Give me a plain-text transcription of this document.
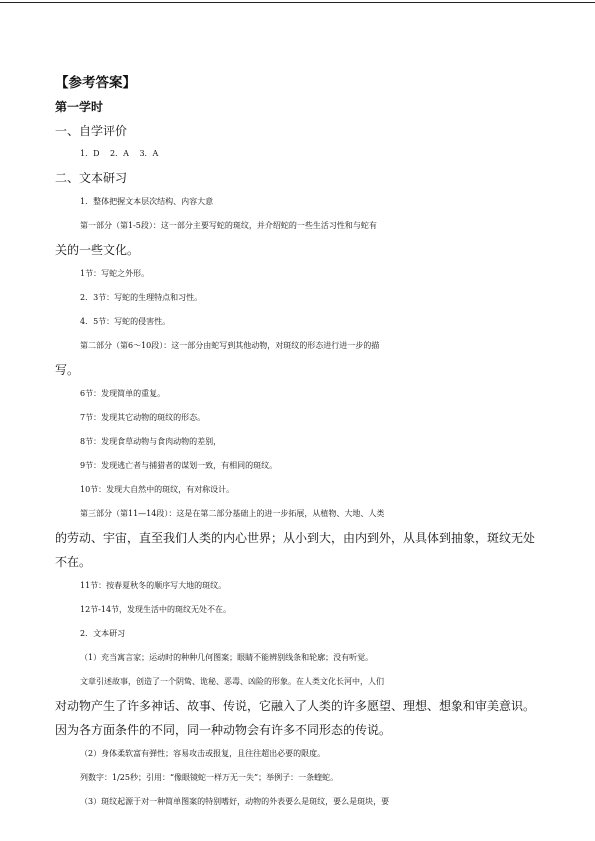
【参考答案】
第一学时
一、自学评价
1．D　 2．A　 3．A
二、文本研习
1．整体把握文本层次结构、内容大意
第一部分（第1-5段）：这一部分主要写蛇的斑纹，并介绍蛇的一些生活习性和与蛇有
关的一些文化。
1节：写蛇之外形。
2．3节：写蛇的生理特点和习性。
4．5节：写蛇的侵害性。
第二部分（第6～10段）：这一部分由蛇写到其他动物，对斑纹的形态进行进一步的描
写。
6节：发现简单的重复。
7节：发现其它动物的斑纹的形态。
8节：发现食草动物与食肉动物的差别，
9节：发现逃亡者与捕猎者的谋划一致，有相同的斑纹。
10节：发现大自然中的斑纹，有对称设计。
第三部分（第11—14段）：这是在第二部分基础上的进一步拓展，从植物、大地、人类
的劳动、宇宙，直至我们人类的内心世界；从小到大，由内到外，从具体到抽象，斑纹无处
不在。
11节：按春夏秋冬的顺序写大地的斑纹。
12节-14节，发现生活中的斑纹无处不在。
2．文本研习
（1）充当寓言家；运动时的种种几何图案；眼睛不能辨别线条和轮廓；没有听觉。
文章引述故事，创造了一个阴鸷、诡秘、恶毒、凶险的形象。在人类文化长河中，人们
对动物产生了许多神话、故事、传说，它融入了人类的许多愿望、理想、想象和审美意识。
因为各方面条件的不同，同一种动物会有许多不同形态的传说。
（2）身体柔软富有弹性；容易攻击或报复，且往往超出必要的限度。
列数字：1/25秒；引用：“像眼镜蛇一样万无一失”；举例子：一条蝰蛇。
（3）斑纹起源于对一种简单图案的特别嗜好，动物的外表要么是斑纹，要么是斑块，要
